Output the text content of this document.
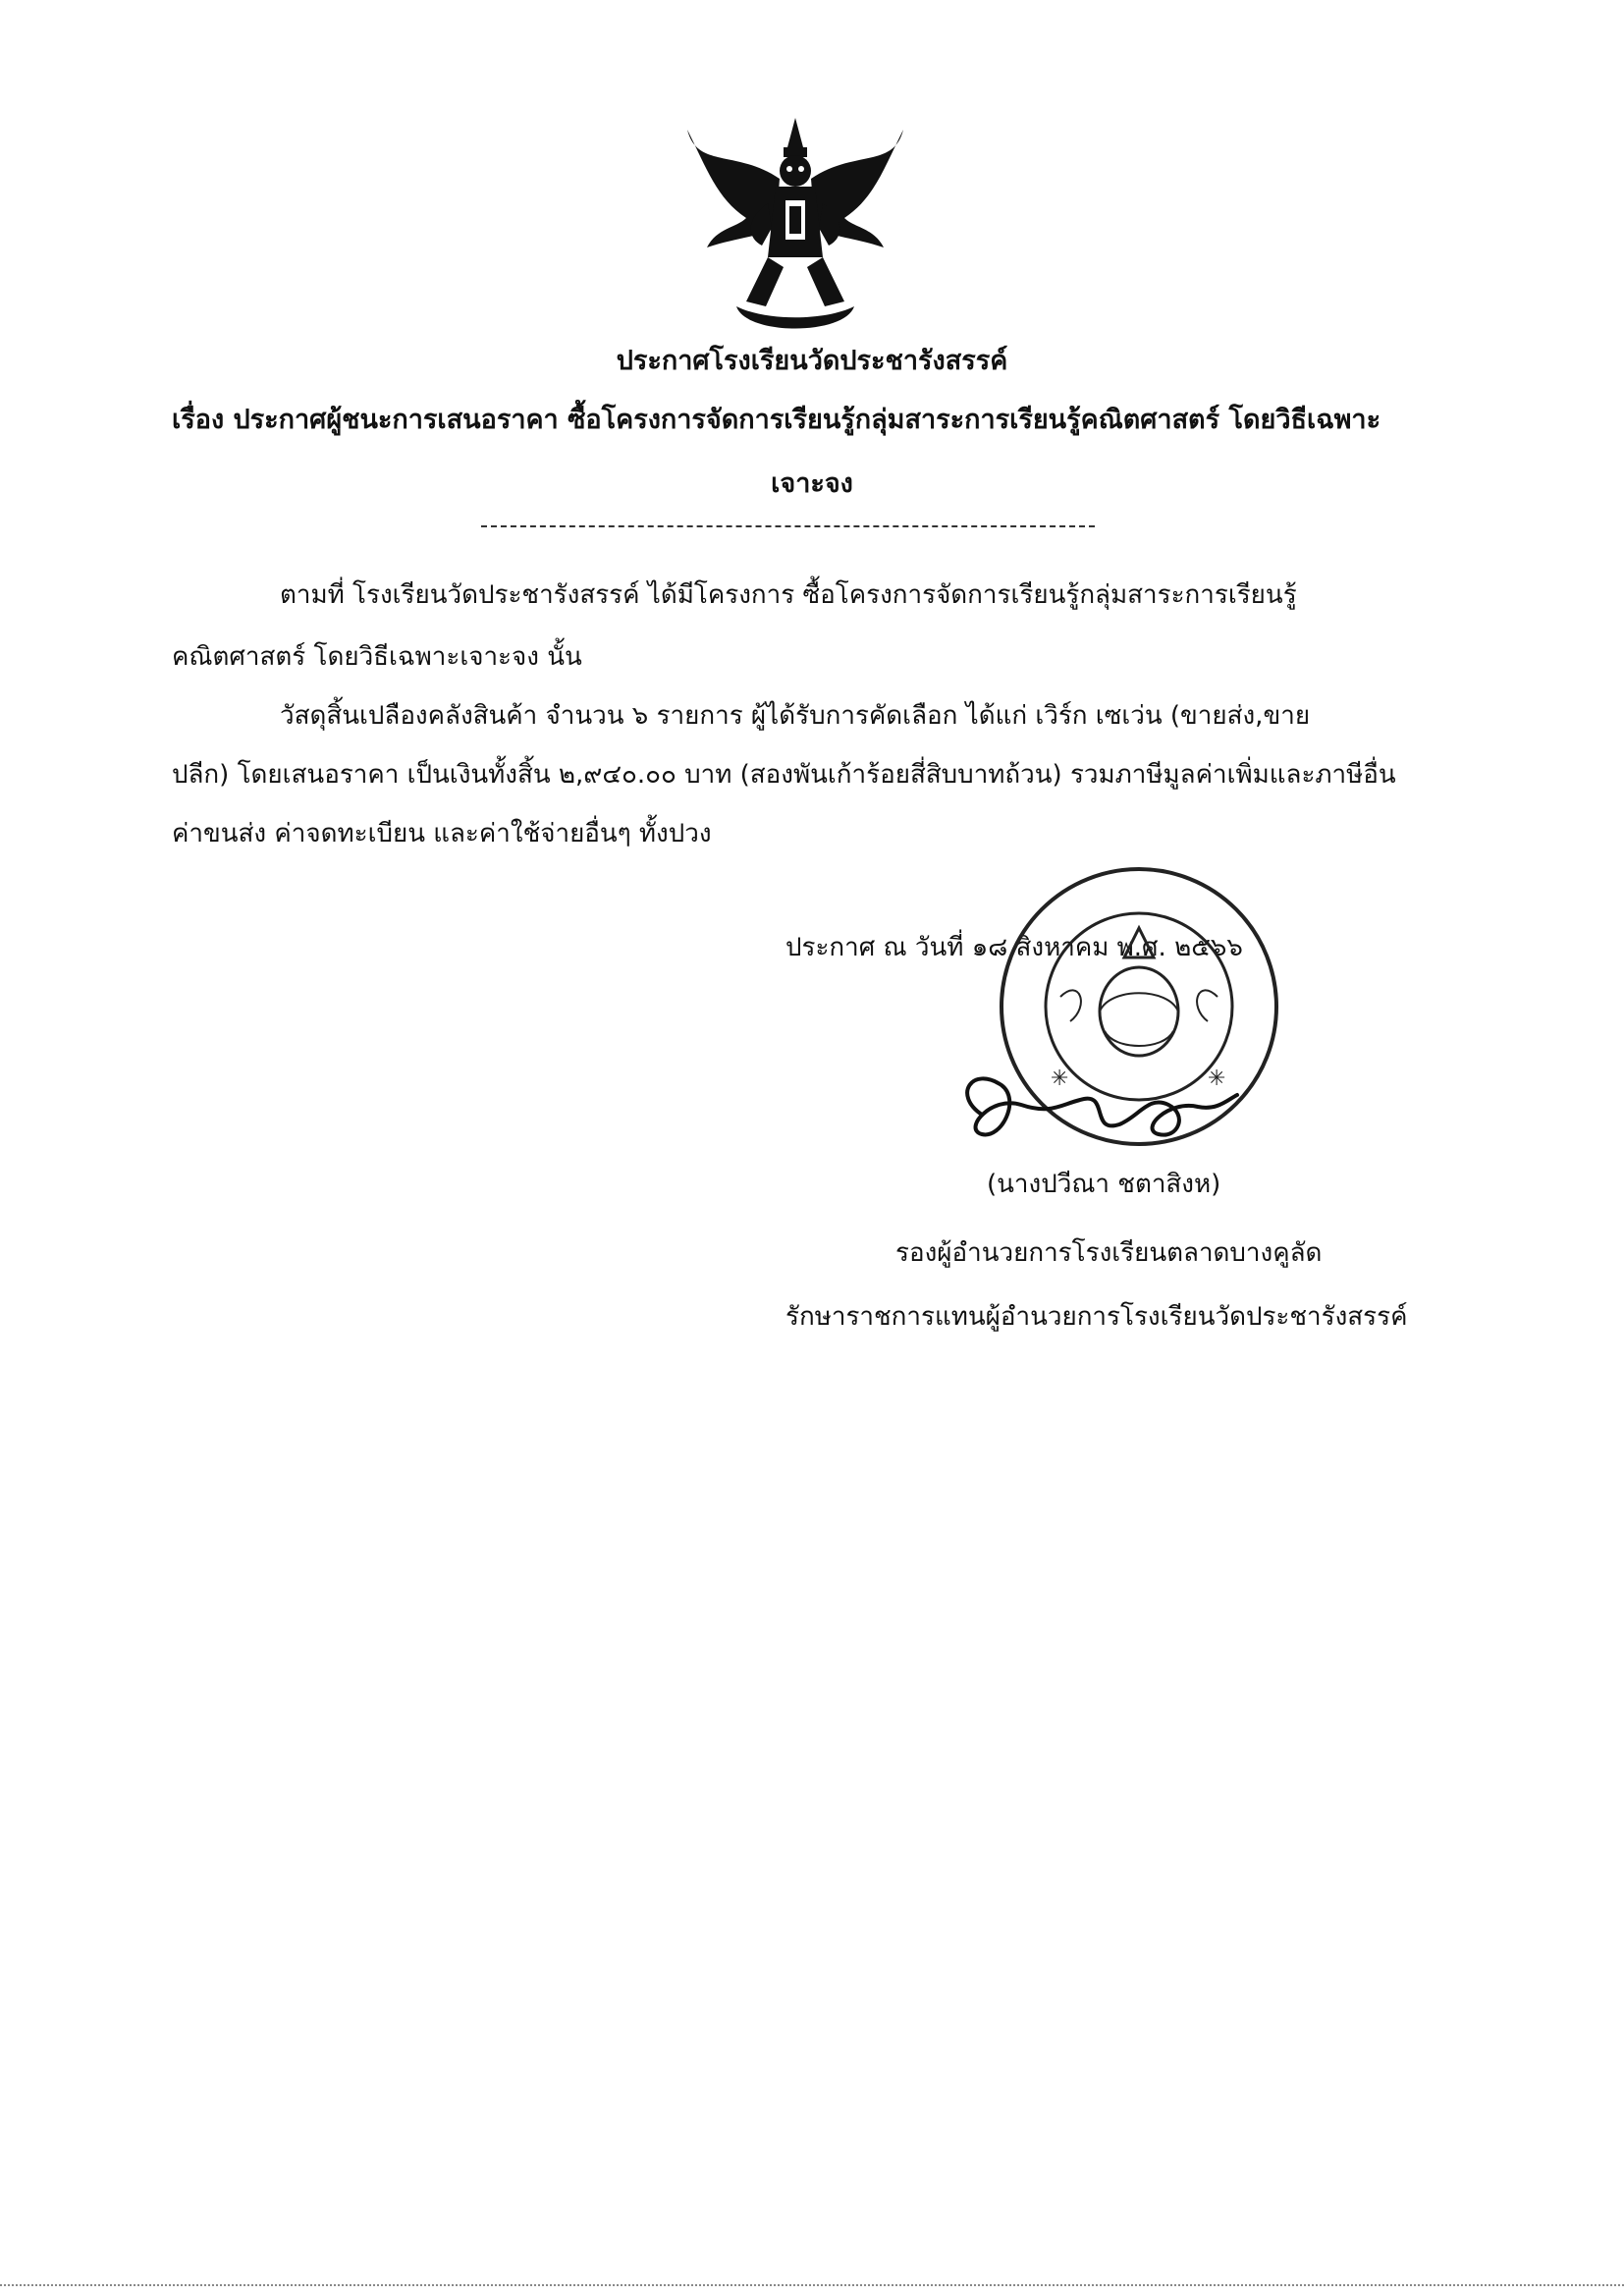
ประกาศโรงเรียนวัดประชารังสรรค์
เรื่อง ประกาศผู้ชนะการเสนอราคา ซื้อโครงการจัดการเรียนรู้กลุ่มสาระการเรียนรู้คณิตศาสตร์ โดยวิธีเฉพาะ
เจาะจง
ตามที่ โรงเรียนวัดประชารังสรรค์ ได้มีโครงการ ซื้อโครงการจัดการเรียนรู้กลุ่มสาระการเรียนรู้
คณิตศาสตร์ โดยวิธีเฉพาะเจาะจง นั้น
วัสดุสิ้นเปลืองคลังสินค้า จำนวน ๖ รายการ ผู้ได้รับการคัดเลือก ได้แก่ เวิร์ก เซเว่น (ขายส่ง,ขาย
ปลีก) โดยเสนอราคา เป็นเงินทั้งสิ้น ๒,๙๔๐.๐๐ บาท (สองพันเก้าร้อยสี่สิบบาทถ้วน) รวมภาษีมูลค่าเพิ่มและภาษีอื่น
ค่าขนส่ง ค่าจดทะเบียน และค่าใช้จ่ายอื่นๆ ทั้งปวง
ประกาศ ณ วันที่ ๑๘ สิงหาคม พ.ศ. ๒๕๖๖
✳	✳
(นางปวีณา ชตาสิงห)
รองผู้อำนวยการโรงเรียนตลาดบางคูลัด
รักษาราชการแทนผู้อำนวยการโรงเรียนวัดประชารังสรรค์
